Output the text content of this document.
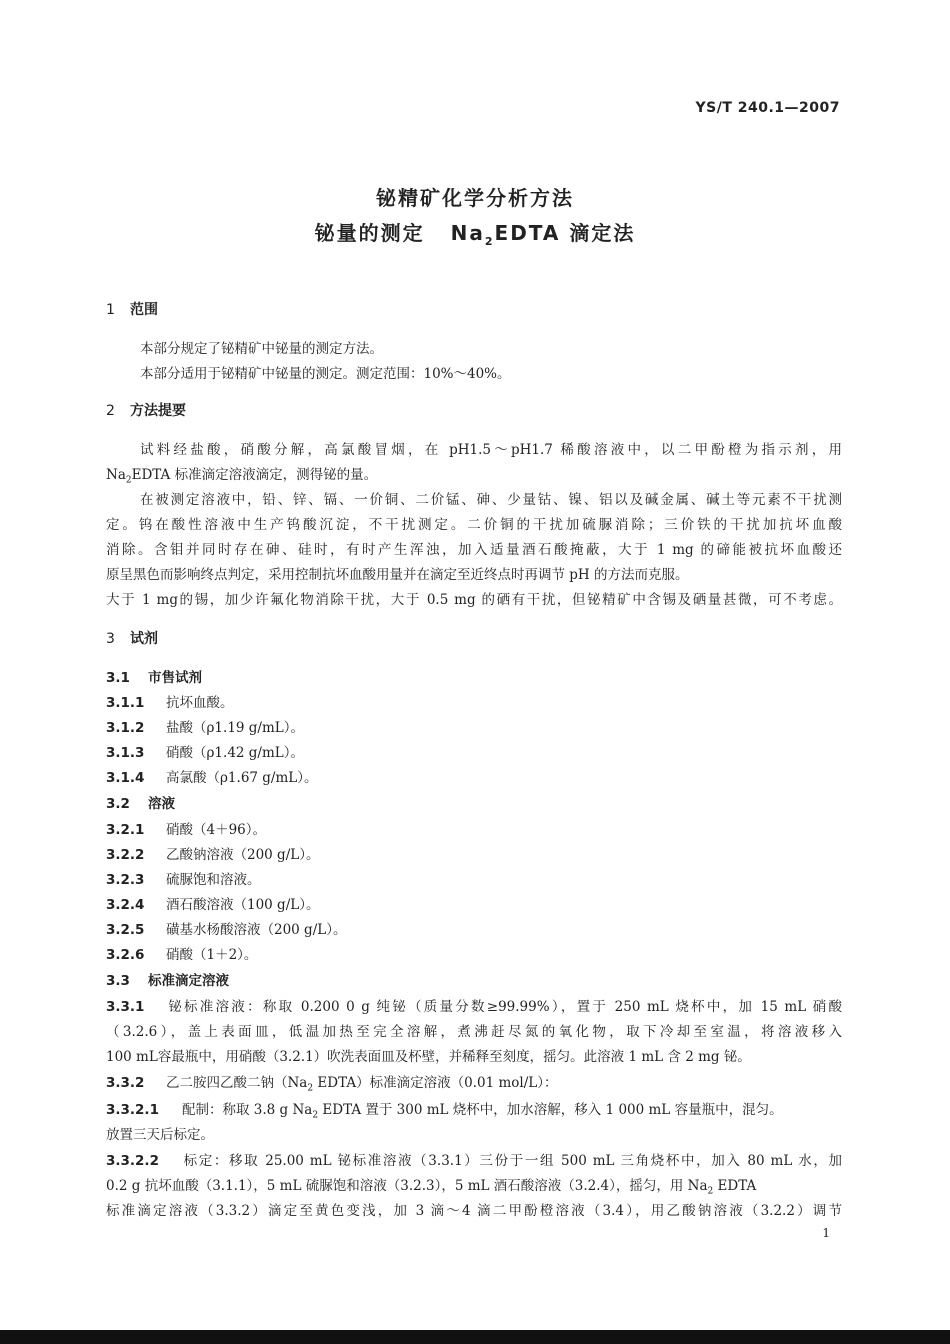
YS/T 240.1—2007
铋精矿化学分析方法
铋量的测定 $Na_2EDTA$ 滴定法
1 范围
本部分规定了铋精矿中铋量的测定方法。
本部分适用于铋精矿中铋量的测定。测定范围：10%～40%。
2 方法提要
试料经盐酸，硝酸分解，高氯酸冒烟，在 pH1.5～pH1.7 稀酸溶液中，以二甲酚橙为指示剂，用
$Na_2EDTA$ 标准滴定溶液滴定，测得铋的量。
在被测定溶液中，铅、锌、镉、一价铜、二价锰、砷、少量钴、镍、铝以及碱金属、碱土等元素不干扰测
定。钨在酸性溶液中生产钨酸沉淀，不干扰测定。二价铜的干扰加硫脲消除；三价铁的干扰加抗坏血酸
消除。含钼并同时存在砷、硅时，有时产生浑浊，加入适量酒石酸掩蔽，大于 1 mg 的碲能被抗坏血酸还
原呈黑色而影响终点判定，采用控制抗坏血酸用量并在滴定至近终点时再调节 pH 的方法而克服。
大于 1 mg的锡，加少许氟化物消除干扰，大于 0.5 mg 的硒有干扰，但铋精矿中含锡及硒量甚微，可不考虑。
3 试剂
3.1 市售试剂
3.1.1 抗坏血酸。
3.1.2 盐酸（ρ1.19 g/mL）。
3.1.3 硝酸（ρ1.42 g/mL）。
3.1.4 高氯酸（ρ1.67 g/mL）。
3.2 溶液
3.2.1 硝酸（4＋96）。
3.2.2 乙酸钠溶液（200 g/L）。
3.2.3 硫脲饱和溶液。
3.2.4 酒石酸溶液（100 g/L）。
3.2.5 磺基水杨酸溶液（200 g/L）。
3.2.6 硝酸（1＋2）。
3.3 标准滴定溶液
3.3.1 铋标准溶液：称取 0.200 0 g 纯铋（质量分数≥99.99%），置于 250 mL 烧杯中，加 15 mL 硝酸
（3.2.6），盖上表面皿，低温加热至完全溶解，煮沸赶尽氮的氧化物，取下冷却至室温，将溶液移入
100 mL容最瓶中，用硝酸（3.2.1）吹洗表面皿及杯壁，并稀释至刻度，摇匀。此溶液 1 mL 含 2 mg 铋。
3.3.2 乙二胺四乙酸二钠（$Na_2$ EDTA）标准滴定溶液（0.01 mol/L）：
3.3.2.1 配制：称取 3.8 g $Na_2$ EDTA 置于 300 mL 烧杯中，加水溶解，移入 1 000 mL 容量瓶中，混匀。
放置三天后标定。
3.3.2.2 标定：移取 25.00 mL 铋标准溶液（3.3.1）三份于一组 500 mL 三角烧杯中，加入 80 mL 水，加
0.2 g 抗坏血酸（3.1.1），5 mL 硫脲饱和溶液（3.2.3），5 mL 酒石酸溶液（3.2.4），摇匀，用 $Na_2$ EDTA
标准滴定溶液（3.3.2）滴定至黄色变浅，加 3 滴～4 滴二甲酚橙溶液（3.4），用乙酸钠溶液（3.2.2）调节
1
